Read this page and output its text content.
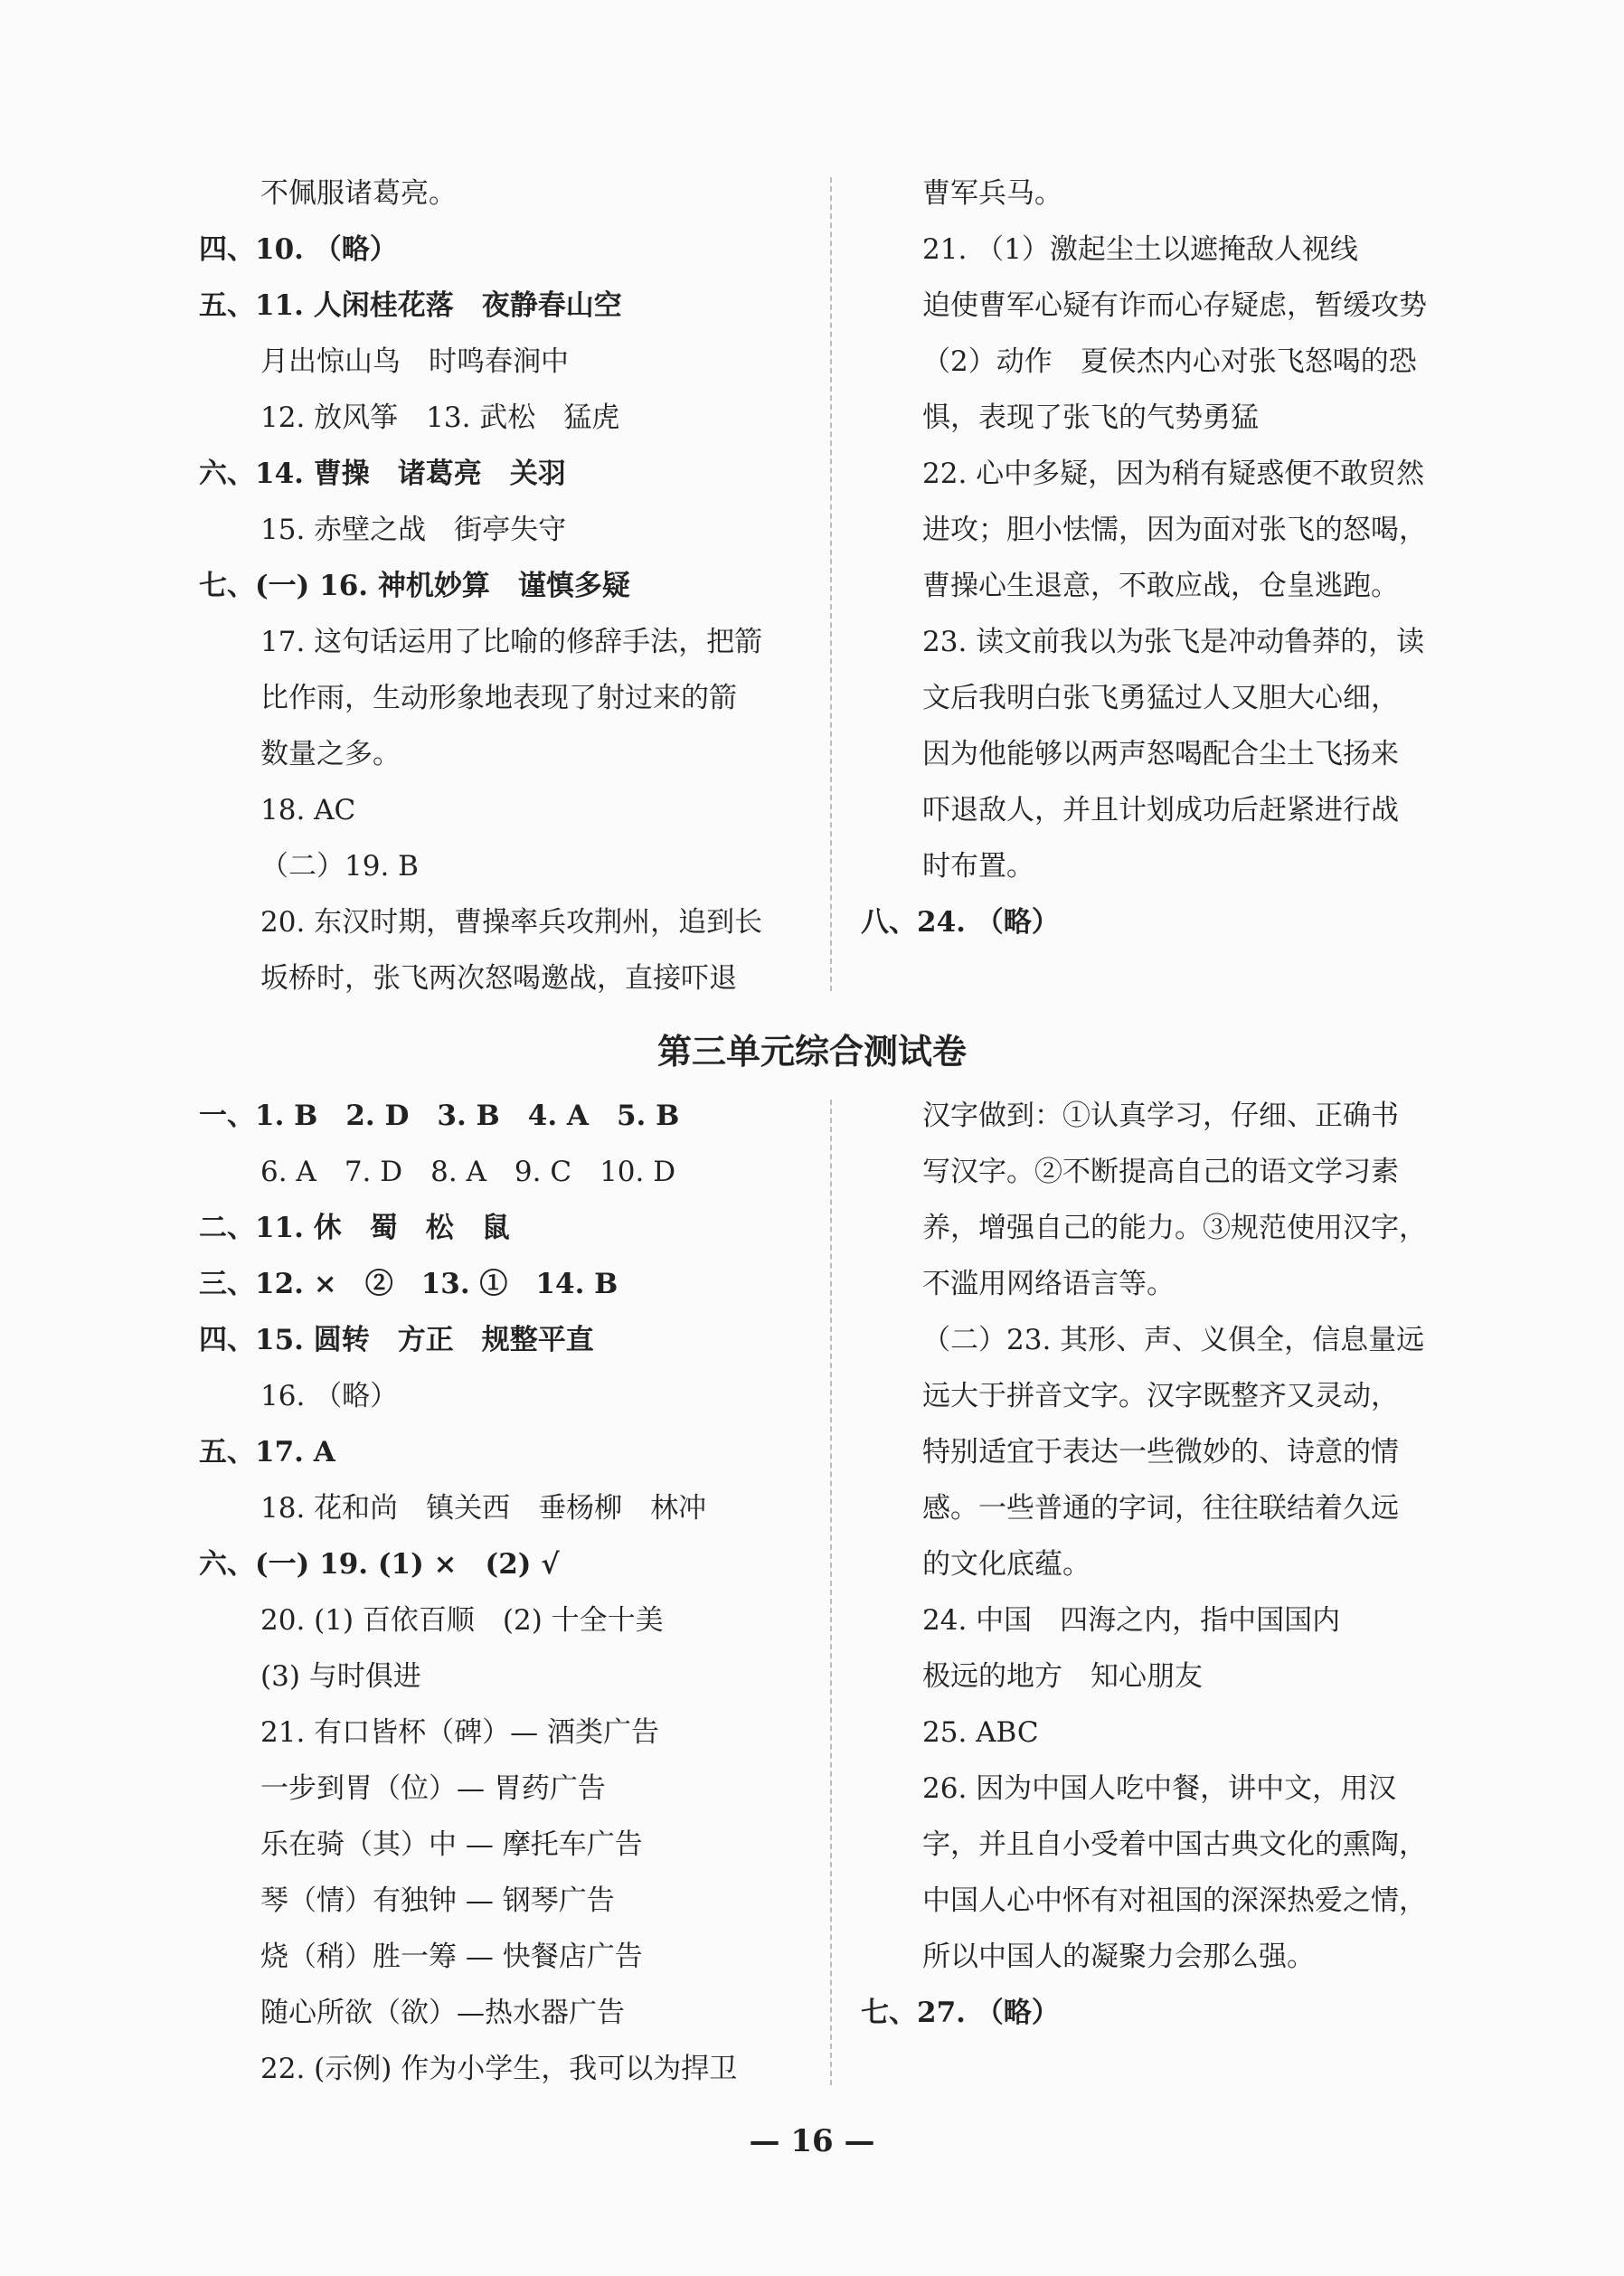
不佩服诸葛亮。
四、10. （略）
五、11. 人闲桂花落　夜静春山空
月出惊山鸟　时鸣春涧中
12. 放风筝　13. 武松　猛虎
六、14. 曹操　诸葛亮　关羽
15. 赤壁之战　街亭失守
七、(一) 16. 神机妙算　谨慎多疑
17. 这句话运用了比喻的修辞手法，把箭
比作雨，生动形象地表现了射过来的箭
数量之多。
18. AC
（二）19. B
20. 东汉时期，曹操率兵攻荆州，追到长
坂桥时，张飞两次怒喝邀战，直接吓退
曹军兵马。
21. （1）激起尘土以遮掩敌人视线
迫使曹军心疑有诈而心存疑虑，暂缓攻势
（2）动作　夏侯杰内心对张飞怒喝的恐
惧，表现了张飞的气势勇猛
22. 心中多疑，因为稍有疑惑便不敢贸然
进攻；胆小怯懦，因为面对张飞的怒喝，
曹操心生退意，不敢应战，仓皇逃跑。
23. 读文前我以为张飞是冲动鲁莽的，读
文后我明白张飞勇猛过人又胆大心细，
因为他能够以两声怒喝配合尘土飞扬来
吓退敌人，并且计划成功后赶紧进行战
时布置。
八、24. （略）
第三单元综合测试卷
一、1. B　2. D　3. B　4. A　5. B
6. A　7. D　8. A　9. C　10. D
二、11. 休　蜀　松　鼠
三、12. ×　②　13. ①　14. B
四、15. 圆转　方正　规整平直
16. （略）
五、17. A
18. 花和尚　镇关西　垂杨柳　林冲
六、(一) 19. (1) ×　(2) √
20. (1) 百依百顺　(2) 十全十美
(3) 与时俱进
21. 有口皆杯（碑）— 酒类广告
一步到胃（位）— 胃药广告
乐在骑（其）中 — 摩托车广告
琴（情）有独钟 — 钢琴广告
烧（稍）胜一筹 — 快餐店广告
随心所欲（欲）—热水器广告
22. (示例) 作为小学生，我可以为捍卫
汉字做到：①认真学习，仔细、正确书
写汉字。②不断提高自己的语文学习素
养，增强自己的能力。③规范使用汉字，
不滥用网络语言等。
（二）23. 其形、声、义俱全，信息量远
远大于拼音文字。汉字既整齐又灵动，
特别适宜于表达一些微妙的、诗意的情
感。一些普通的字词，往往联结着久远
的文化底蕴。
24. 中国　四海之内，指中国国内
极远的地方　知心朋友
25. ABC
26. 因为中国人吃中餐，讲中文，用汉
字，并且自小受着中国古典文化的熏陶，
中国人心中怀有对祖国的深深热爱之情，
所以中国人的凝聚力会那么强。
七、27. （略）
— 16 —
